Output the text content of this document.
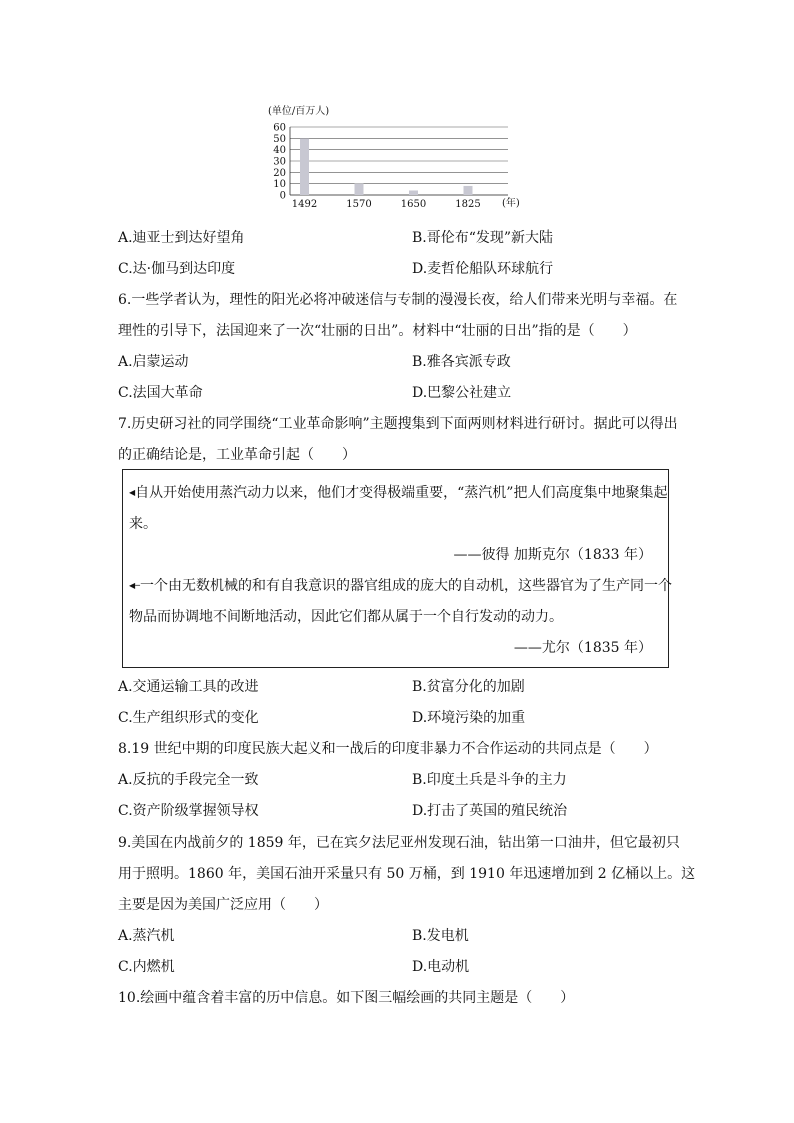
(单位/百万人)
0
10
20
30
40
50
60
1492	1570	1650	1825 (年)
A.迪亚士到达好望角	B.哥伦布“发现”新大陆
C.达·伽马到达印度	D.麦哲伦船队环球航行
6.一些学者认为，理性的阳光必将冲破迷信与专制的漫漫长夜，给人们带来光明与幸福。在
理性的引导下，法国迎来了一次“壮丽的日出”。材料中“壮丽的日出”指的是（　　）
A.启蒙运动	B.雅各宾派专政
C.法国大革命	D.巴黎公社建立
7.历史研习社的同学围绕“工业革命影响”主题搜集到下面两则材料进行研讨。据此可以得出
的正确结论是，工业革命引起（　　）
◀自从开始使用蒸汽动力以来，他们才变得极端重要，“蒸汽机”把人们高度集中地聚集起
来。
——彼得 加斯克尔（1833 年）
◀─一个由无数机械的和有自我意识的器官组成的庞大的自动机，这些器官为了生产同一个
物品而协调地不间断地活动，因此它们都从属于一个自行发动的动力。
——尤尔（1835 年）
A.交通运输工具的改进	B.贫富分化的加剧
C.生产组织形式的变化	D.环境污染的加重
8.19 世纪中期的印度民族大起义和一战后的印度非暴力不合作运动的共同点是（　　）
A.反抗的手段完全一致	B.印度土兵是斗争的主力
C.资产阶级掌握领导权	D.打击了英国的殖民统治
9.美国在内战前夕的 1859 年，已在宾夕法尼亚州发现石油，钻出第一口油井，但它最初只
用于照明。1860 年，美国石油开采量只有 50 万桶，到 1910 年迅速增加到 2 亿桶以上。这
主要是因为美国广泛应用（　　）
A.蒸汽机	B.发电机
C.内燃机	D.电动机
10.绘画中蕴含着丰富的历中信息。如下图三幅绘画的共同主题是（　　）
